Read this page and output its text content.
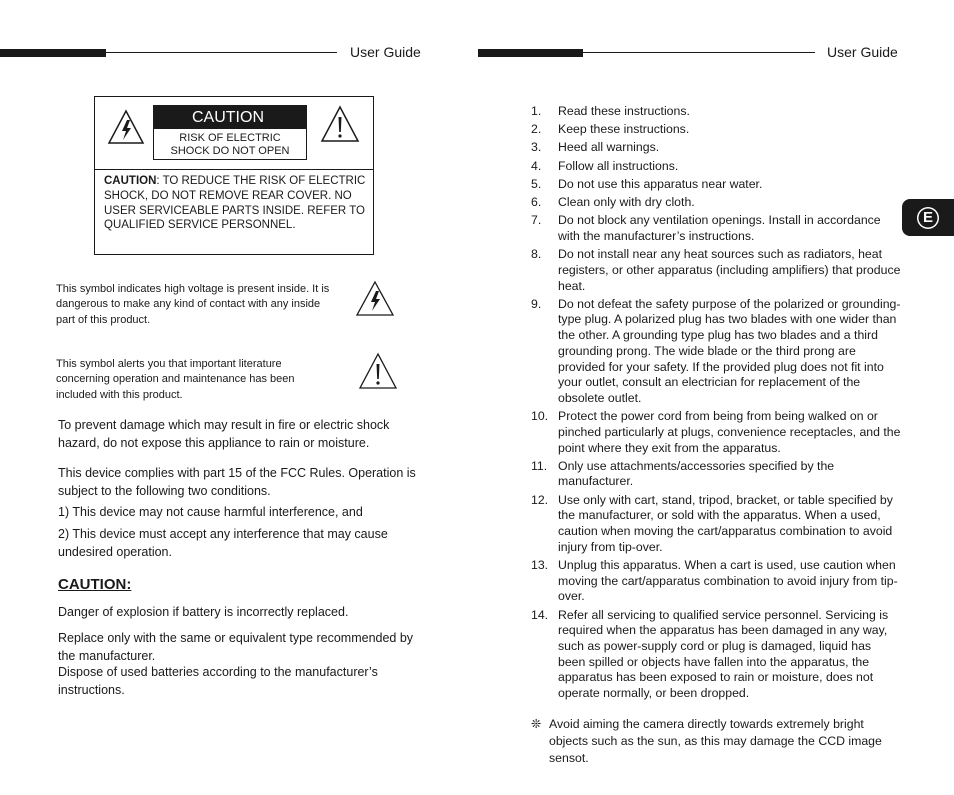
User Guide	User Guide
CAUTION
RISK OF ELECTRIC
SHOCK DO NOT OPEN
CAUTION: TO REDUCE THE RISK OF ELECTRIC SHOCK, DO NOT REMOVE REAR COVER. NO USER SERVICEABLE PARTS INSIDE. REFER TO QUALIFIED SERVICE PERSONNEL.
This symbol indicates high voltage is present inside. It is dangerous to make any kind of contact with any inside part of this product.
This symbol alerts you that important literature concerning operation and maintenance has been included with this product.
To prevent damage which may result in fire or electric shock hazard, do not expose this appliance to rain or moisture.
This device complies with part 15 of the FCC Rules. Operation is subject to the following two conditions.
1) This device may not cause harmful interference, and
2) This device must accept any interference that may cause undesired operation.
CAUTION:
Danger of explosion if battery is incorrectly replaced.
Replace only with the same or equivalent type recommended by the manufacturer.
Dispose of used batteries according to the manufacturer’s instructions.
1. Read these instructions.
2. Keep these instructions.
3. Heed all warnings.
4. Follow all instructions.
5. Do not use this apparatus near water.
6. Clean only with dry cloth.
7. Do not block any ventilation openings. Install in accordance with the manufacturer’s instructions.
8. Do not install near any heat sources such as radiators, heat registers, or other apparatus (including amplifiers) that produce heat.
9. Do not defeat the safety purpose of the polarized or grounding-type plug. A polarized plug has two blades with one wider than the other. A grounding type plug has two blades and a third grounding prong. The wide blade or the third prong are provided for your safety. If the provided plug does not fit into your outlet, consult an electrician for replacement of the obsolete outlet.
10. Protect the power cord from being from being walked on or pinched particularly at plugs, convenience receptacles, and the point where they exit from the apparatus.
11. Only use attachments/accessories specified by the manufacturer.
12. Use only with cart, stand, tripod, bracket, or table specified by the manufacturer, or sold with the apparatus. When a used, caution when moving the cart/apparatus combination to avoid injury from tip-over.
13. Unplug this apparatus. When a cart is used, use caution when moving the cart/apparatus combination to avoid injury from tip-over.
14. Refer all servicing to qualified service personnel. Servicing is required when the apparatus has been damaged in any way, such as power-supply cord or plug is damaged, liquid has been spilled or objects have fallen into the apparatus, the apparatus has been exposed to rain or moisture, does not operate normally, or been dropped.
❊ Avoid aiming the camera directly towards extremely bright objects such as the sun, as this may damage the CCD image sensot.
E
